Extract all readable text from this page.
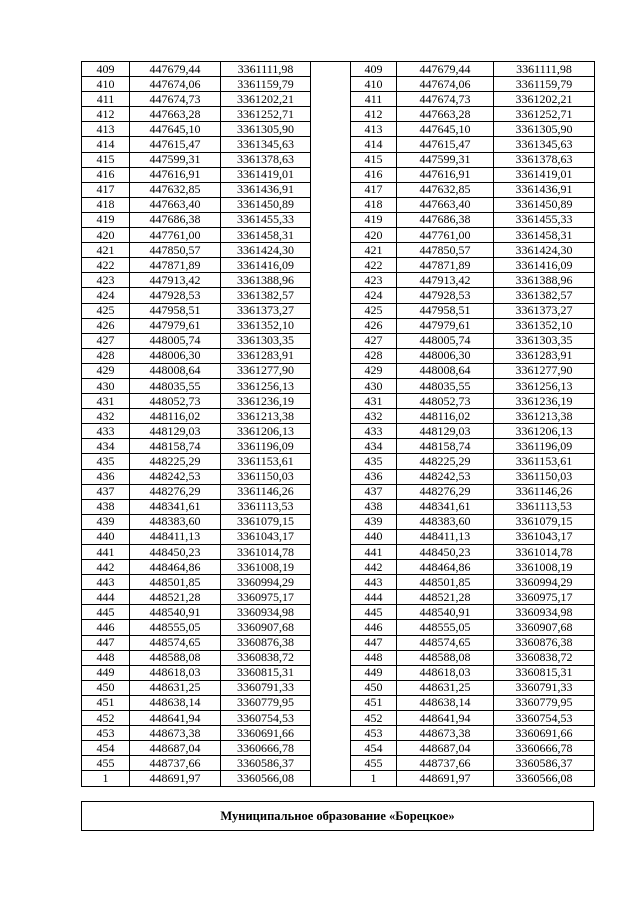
409	447679,44	3361111,98		409	447679,44	3361111,98
410	447674,06	3361159,79		410	447674,06	3361159,79
411	447674,73	3361202,21		411	447674,73	3361202,21
412	447663,28	3361252,71		412	447663,28	3361252,71
413	447645,10	3361305,90		413	447645,10	3361305,90
414	447615,47	3361345,63		414	447615,47	3361345,63
415	447599,31	3361378,63		415	447599,31	3361378,63
416	447616,91	3361419,01		416	447616,91	3361419,01
417	447632,85	3361436,91		417	447632,85	3361436,91
418	447663,40	3361450,89		418	447663,40	3361450,89
419	447686,38	3361455,33		419	447686,38	3361455,33
420	447761,00	3361458,31		420	447761,00	3361458,31
421	447850,57	3361424,30		421	447850,57	3361424,30
422	447871,89	3361416,09		422	447871,89	3361416,09
423	447913,42	3361388,96		423	447913,42	3361388,96
424	447928,53	3361382,57		424	447928,53	3361382,57
425	447958,51	3361373,27		425	447958,51	3361373,27
426	447979,61	3361352,10		426	447979,61	3361352,10
427	448005,74	3361303,35		427	448005,74	3361303,35
428	448006,30	3361283,91		428	448006,30	3361283,91
429	448008,64	3361277,90		429	448008,64	3361277,90
430	448035,55	3361256,13		430	448035,55	3361256,13
431	448052,73	3361236,19		431	448052,73	3361236,19
432	448116,02	3361213,38		432	448116,02	3361213,38
433	448129,03	3361206,13		433	448129,03	3361206,13
434	448158,74	3361196,09		434	448158,74	3361196,09
435	448225,29	3361153,61		435	448225,29	3361153,61
436	448242,53	3361150,03		436	448242,53	3361150,03
437	448276,29	3361146,26		437	448276,29	3361146,26
438	448341,61	3361113,53		438	448341,61	3361113,53
439	448383,60	3361079,15		439	448383,60	3361079,15
440	448411,13	3361043,17		440	448411,13	3361043,17
441	448450,23	3361014,78		441	448450,23	3361014,78
442	448464,86	3361008,19		442	448464,86	3361008,19
443	448501,85	3360994,29		443	448501,85	3360994,29
444	448521,28	3360975,17		444	448521,28	3360975,17
445	448540,91	3360934,98		445	448540,91	3360934,98
446	448555,05	3360907,68		446	448555,05	3360907,68
447	448574,65	3360876,38		447	448574,65	3360876,38
448	448588,08	3360838,72		448	448588,08	3360838,72
449	448618,03	3360815,31		449	448618,03	3360815,31
450	448631,25	3360791,33		450	448631,25	3360791,33
451	448638,14	3360779,95		451	448638,14	3360779,95
452	448641,94	3360754,53		452	448641,94	3360754,53
453	448673,38	3360691,66		453	448673,38	3360691,66
454	448687,04	3360666,78		454	448687,04	3360666,78
455	448737,66	3360586,37		455	448737,66	3360586,37
1	448691,97	3360566,08		1	448691,97	3360566,08
Муниципальное образование «Борецкое»
